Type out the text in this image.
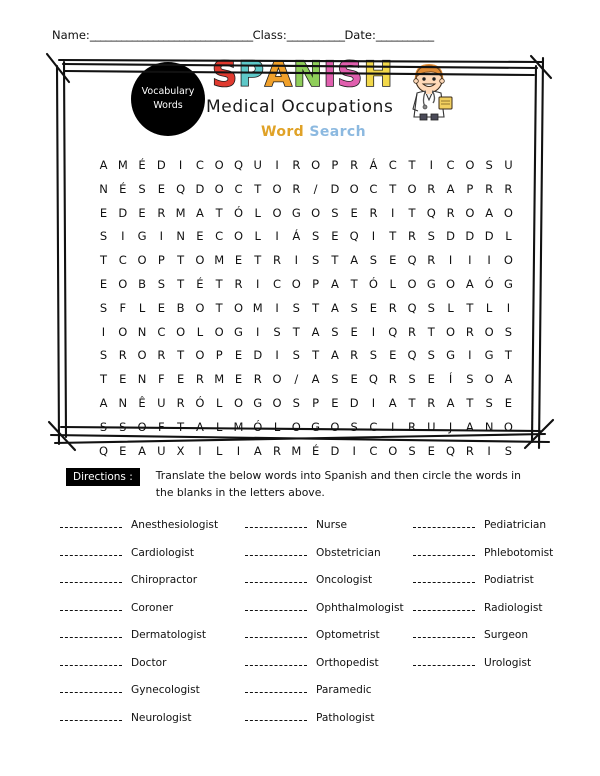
Name:_______________________________Class:___________Date:___________
Vocabulary
Words
SPANISH
Medical Occupations
Word Search
A M É D	I	C O Q U	I	R O P	R Á C	T	I	C O S U
N É	S	E Q D O C	T O R	/	D O C	T O R A	P	R R
E D E	R M A	T Ó	L	O G O S	E	R	I	T Q R O A O
S	I	G	I	N E	C O	L	I	Á	S	E Q	I	T	R	S D D D	L
T	C O P	T O M E	T	R	I	S	T	A	S	E Q R	I	I	I	O
E O B	S	T	É	T	R	I	C O P	A	T Ó	L	O G O A Ó G
S	F	L	E	B O T O M	I	S	T	A	S	E	R Q S	L	T	L	I
I	O N C O	L	O G	I	S	T	A	S	E	I	Q R	T O R O S
S	R O R	T O P	E D	I	S	T	A R	S	E Q S G	I	G T
T	E N	F	E	R M E	R O	/	A	S	E Q R	S	E	Í	S O A
A N Ê U R Ó	L	O G O S	P	E D	I	A	T	R A	T	S	E
S	S O F	T	A	L M Ó	L	O G O S	C	I	R U	J	A N O
Q E	A U X	I	L	I	A R M É D	I	C O S	E Q R	I	S
Directions :	Translate the below words into Spanish and then circle the words in the blanks in the letters above.
Anesthesiologist
Cardiologist
Chiropractor
Coroner
Dermatologist
Doctor
Gynecologist
Neurologist
Nurse
Obstetrician
Oncologist
Ophthalmologist
Optometrist
Orthopedist
Paramedic
Pathologist
Pediatrician
Phlebotomist
Podiatrist
Radiologist
Surgeon
Urologist
